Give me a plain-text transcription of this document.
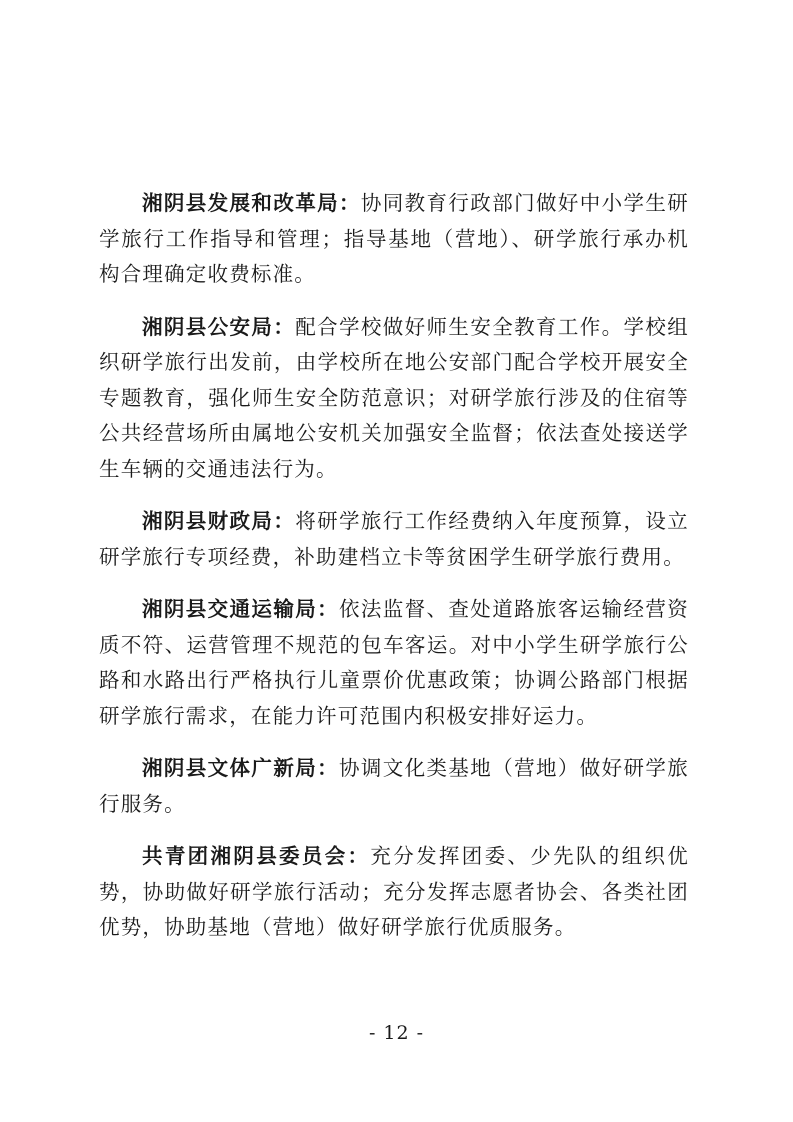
湘阴县发展和改革局：协同教育行政部门做好中小学生研学旅行工作指导和管理；指导基地（营地）、研学旅行承办机构合理确定收费标准。

湘阴县公安局：配合学校做好师生安全教育工作。学校组织研学旅行出发前，由学校所在地公安部门配合学校开展安全专题教育，强化师生安全防范意识；对研学旅行涉及的住宿等公共经营场所由属地公安机关加强安全监督；依法查处接送学生车辆的交通违法行为。

湘阴县财政局：将研学旅行工作经费纳入年度预算，设立研学旅行专项经费，补助建档立卡等贫困学生研学旅行费用。

湘阴县交通运输局：依法监督、查处道路旅客运输经营资质不符、运营管理不规范的包车客运。对中小学生研学旅行公路和水路出行严格执行儿童票价优惠政策；协调公路部门根据研学旅行需求，在能力许可范围内积极安排好运力。

湘阴县文体广新局：协调文化类基地（营地）做好研学旅行服务。

共青团湘阴县委员会：充分发挥团委、少先队的组织优势，协助做好研学旅行活动；充分发挥志愿者协会、各类社团优势，协助基地（营地）做好研学旅行优质服务。

- 12 -
